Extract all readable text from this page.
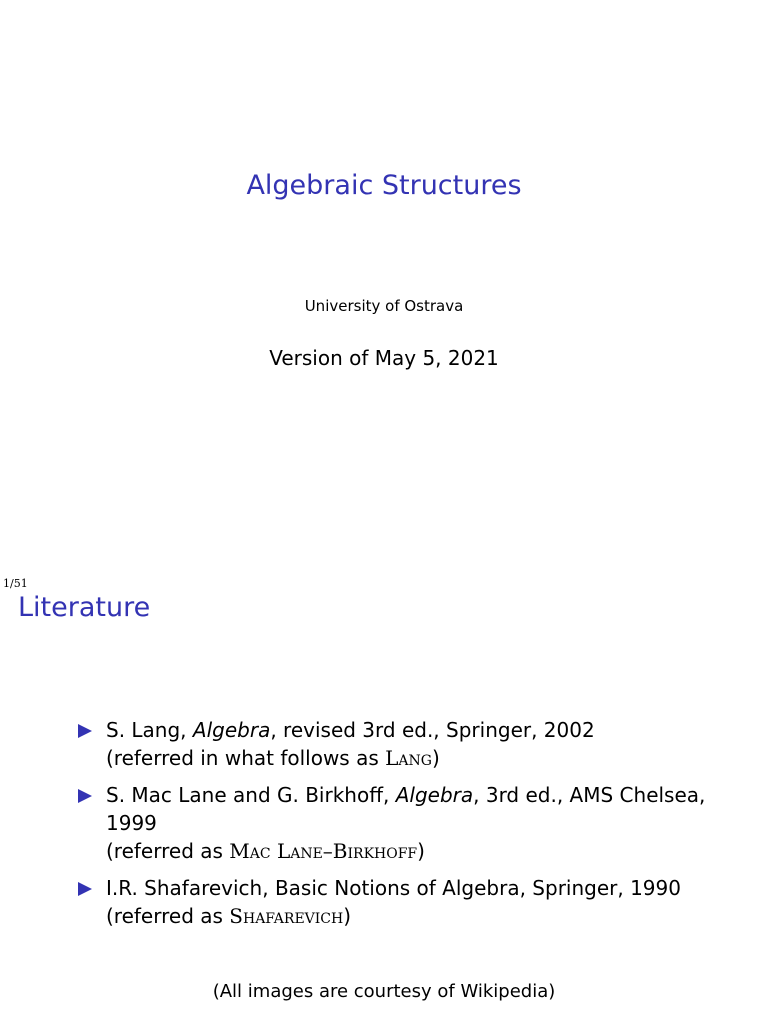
Algebraic Structures
University of Ostrava
Version of May 5, 2021
1/51
Literature
S. Lang, Algebra, revised 3rd ed., Springer, 2002
(referred in what follows as Lang)
S. Mac Lane and G. Birkhoff, Algebra, 3rd ed., AMS Chelsea,
1999
(referred as Mac Lane–Birkhoff)
I.R. Shafarevich, Basic Notions of Algebra, Springer, 1990
(referred as Shafarevich)
(All images are courtesy of Wikipedia)
